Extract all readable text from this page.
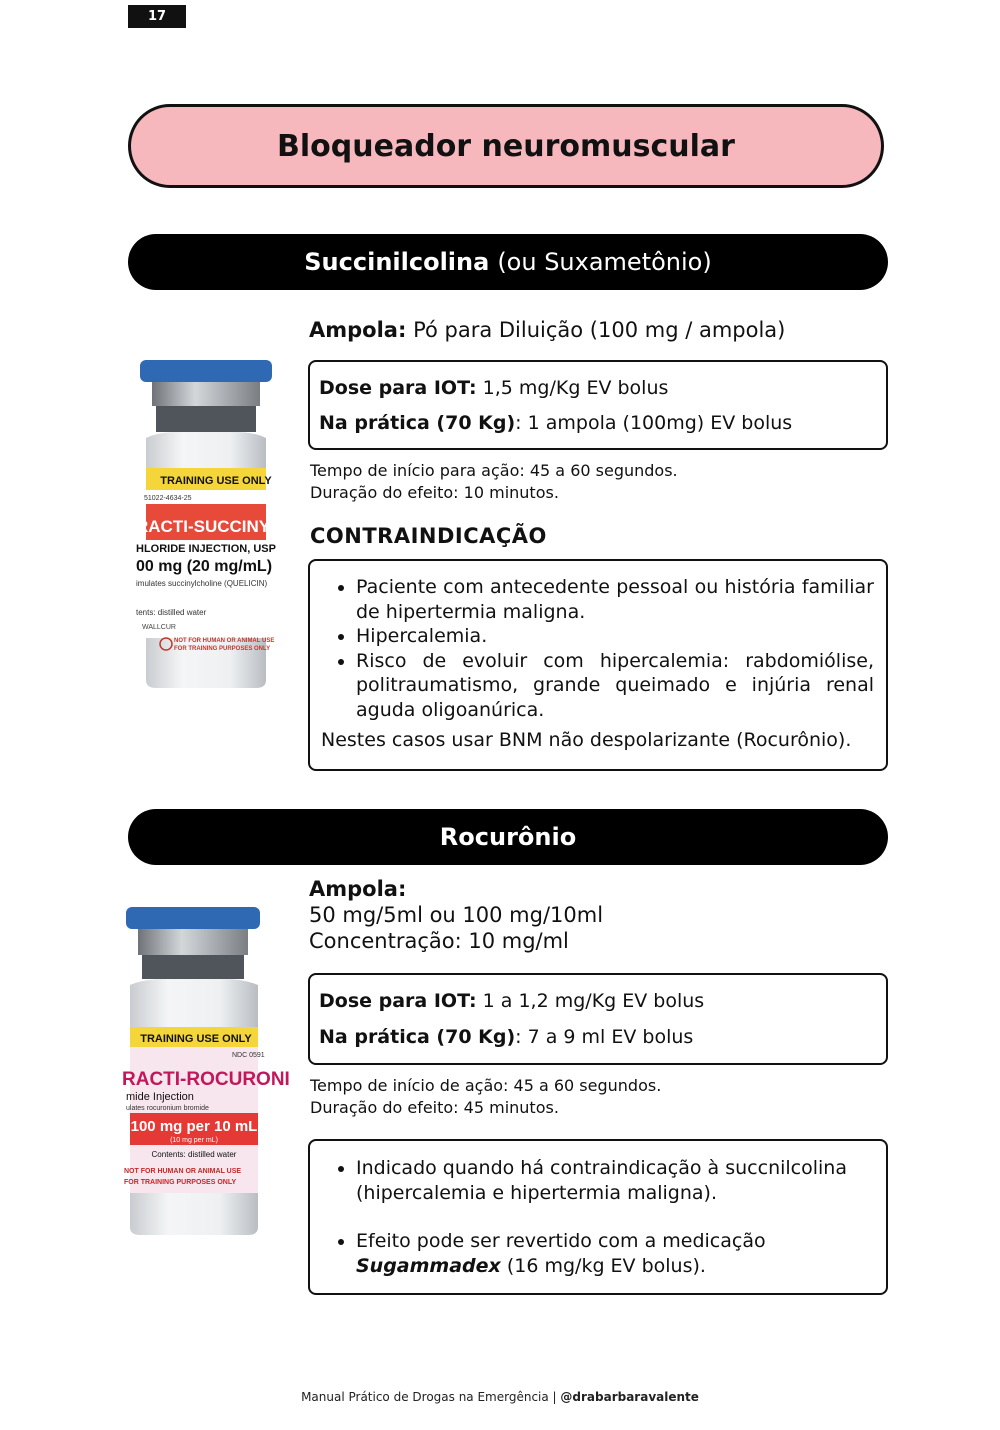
17
Bloqueador neuromuscular
Succinilcolina (ou Suxametônio)
TRAINING USE ONLY
51022-4634-25
RACTI-SUCCINYLCHO
HLORIDE INJECTION, USP
00 mg (20 mg/mL)
imulates succinylcholine (QUELICIN)
tents: distilled water
WALLCUR
NOT FOR HUMAN OR ANIMAL USE
FOR TRAINING PURPOSES ONLY
Ampola: Pó para Diluição (100 mg / ampola)
Dose para IOT: 1,5 mg/Kg EV bolus
Na prática (70 Kg): 1 ampola (100mg) EV bolus
Tempo de início para ação: 45 a 60 segundos.
Duração do efeito: 10 minutos.
CONTRAINDICAÇÃO
• Paciente com antecedente pessoal ou história familiar de hipertermia maligna.
• Hipercalemia.
• Risco de evoluir com hipercalemia: rabdomiólise, politraumatismo, grande queimado e injúria renal aguda oligoanúrica.
Nestes casos usar BNM não despolarizante (Rocurônio).
Rocurônio
TRAINING USE ONLY
NDC 0591
RACTI-ROCURONI
mide Injection
ulates rocuronium bromide
100 mg per 10 mL
(10 mg per mL)
Contents: distilled water
NOT FOR HUMAN OR ANIMAL USE
FOR TRAINING PURPOSES ONLY
Ampola:
50 mg/5ml ou 100 mg/10ml
Concentração: 10 mg/ml
Dose para IOT: 1 a 1,2 mg/Kg EV bolus
Na prática (70 Kg): 7 a 9 ml EV bolus
Tempo de início de ação: 45 a 60 segundos.
Duração do efeito: 45 minutos.
• Indicado quando há contraindicação à succnilcolina (hipercalemia e hipertermia maligna).
• Efeito pode ser revertido com a medicação
Sugammadex (16 mg/kg EV bolus).
Manual Prático de Drogas na Emergência | @drabarbaravalente
